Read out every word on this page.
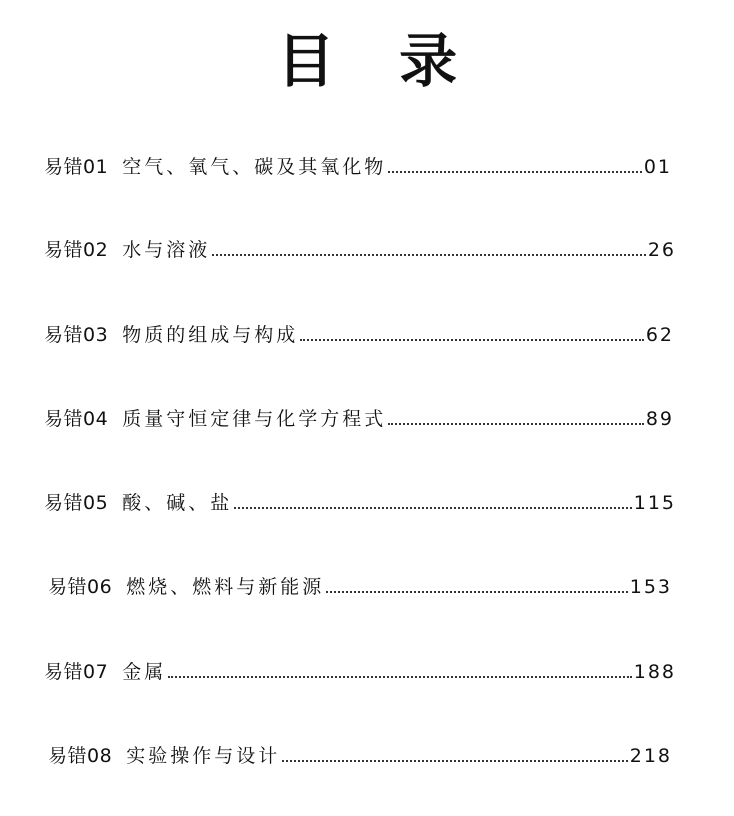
目 录
易错01 空气、氧气、碳及其氧化物	01
易错02 水与溶液	26
易错03 物质的组成与构成	62
易错04 质量守恒定律与化学方程式	89
易错05 酸、碱、盐	115
易错06 燃烧、燃料与新能源	153
易错07 金属	188
易错08 实验操作与设计	218
